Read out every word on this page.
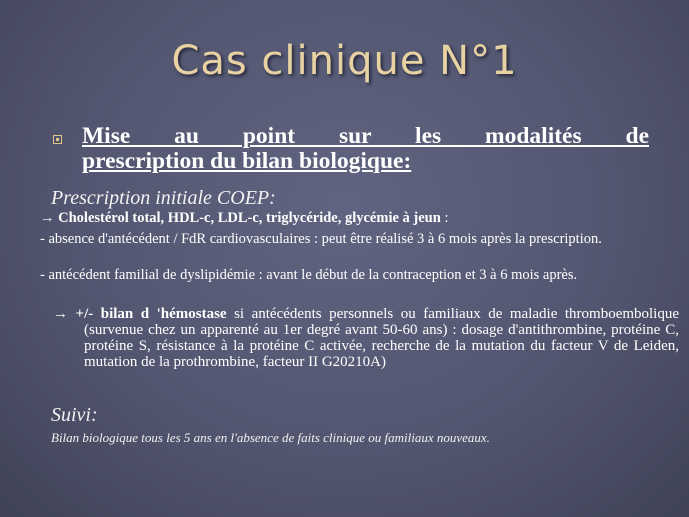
Cas clinique N°1
Mise au point sur les modalités de
prescription du bilan biologique:
Prescription initiale COEP:
→ Cholestérol total, HDL-c, LDL-c, triglycéride, glycémie à jeun :
- absence d'antécédent / FdR cardiovasculaires : peut être réalisé 3 à 6 mois après la prescription.
- antécédent familial de dyslipidémie : avant le début de la contraception et 3 à 6 mois après.
→ +/- bilan d 'hémostase si antécédents personnels ou familiaux de maladie thromboembolique (survenue chez un apparenté au 1er degré avant 50-60 ans) : dosage d'antithrombine, protéine C, protéine S, résistance à la protéine C activée, recherche de la mutation du facteur V de Leiden, mutation de la prothrombine, facteur II G20210A)
Suivi:
Bilan biologique tous les 5 ans en l'absence de faits clinique ou familiaux nouveaux.
